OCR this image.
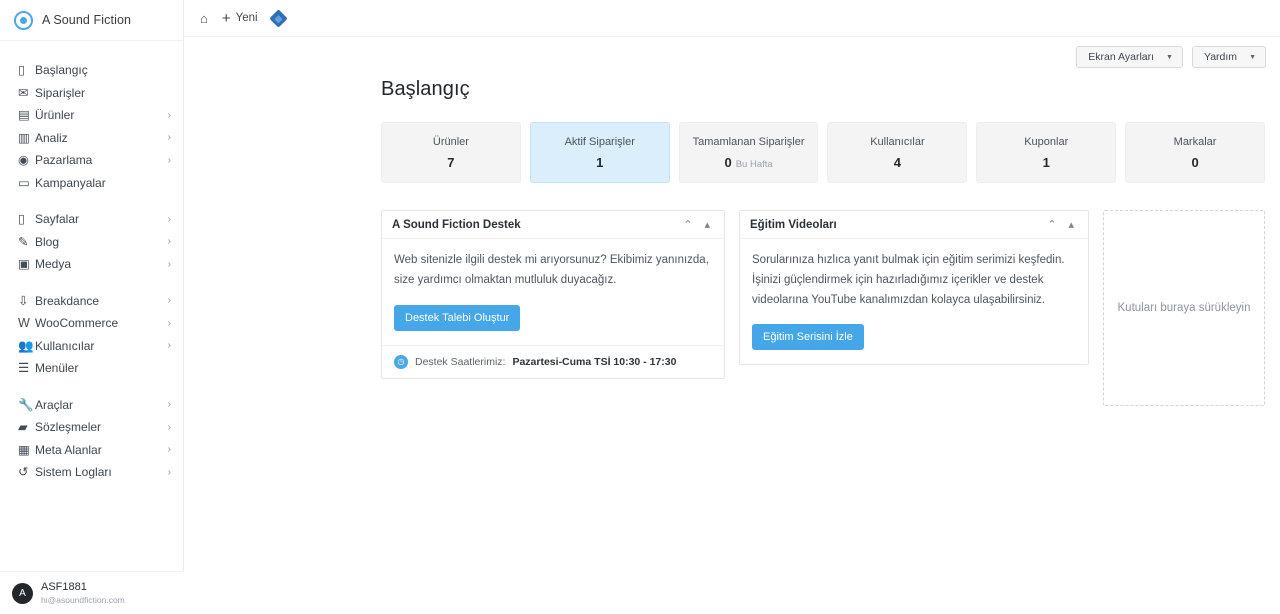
A Sound Fiction
▯ Başlangıç
✉ Siparişler
▤ Ürünler	›
▥ Analiz	›
◉ Pazarlama	›
▭ Kampanyalar
▯ Sayfalar	›
✎ Blog	›
▣ Medya	›
⇩ Breakdance	›
W WooCommerce	›
👥 Kullanıcılar	›
☰ Menüler
🔧 Araçlar	›
▰ Sözleşmeler	›
▦ Meta Alanlar	›
↺ Sistem Logları	›
A
ASF1881
hi@asoundfiction.com
⌂ + Yeni
Ekran Ayarları ▼	Yardım ▼
Başlangıç
Ürünler
7
Aktif Siparişler
1
Tamamlanan Siparişler
0 Bu Hafta
Kullanıcılar
4
Kuponlar
1
Markalar
0
A Sound Fiction Destek	⌃	▴

Web sitenizle ilgili destek mi arıyorsunuz? Ekibimiz yanınızda, size yardımcı olmaktan mutluluk duyacağız.

Destek Talebi Oluştur
◷	Destek Saatlerimiz: Pazartesi-Cuma TSİ 10:30 - 17:30
Eğitim Videoları	⌃	▴

Sorularınıza hızlıca yanıt bulmak için eğitim serimizi keşfedin. İşinizi güçlendirmek için hazırladığımız içerikler ve destek videolarına YouTube kanalımızdan kolayca ulaşabilirsiniz.

Eğitim Serisini İzle
Kutuları buraya sürükleyin
